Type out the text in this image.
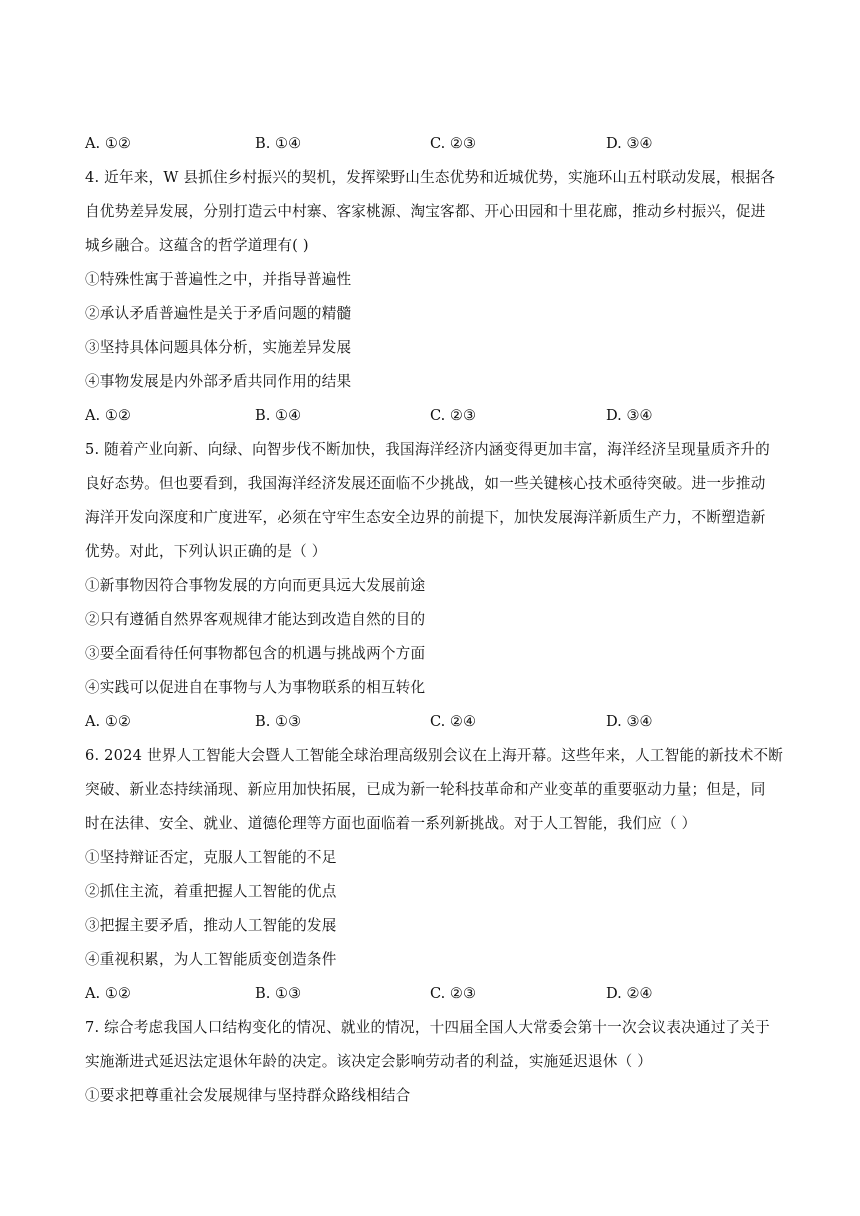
A. ①②	B. ①④	C. ②③	D. ③④
4. 近年来，W 县抓住乡村振兴的契机，发挥梁野山生态优势和近城优势，实施环山五村联动发展，根据各
自优势差异发展，分别打造云中村寨、客家桃源、淘宝客都、开心田园和十里花廊，推动乡村振兴，促进
城乡融合。这蕴含的哲学道理有( )
①特殊性寓于普遍性之中，并指导普遍性
②承认矛盾普遍性是关于矛盾问题的精髓
③坚持具体问题具体分析，实施差异发展
④事物发展是内外部矛盾共同作用的结果
A. ①②	B. ①④	C. ②③	D. ③④
5. 随着产业向新、向绿、向智步伐不断加快，我国海洋经济内涵变得更加丰富，海洋经济呈现量质齐升的
良好态势。但也要看到，我国海洋经济发展还面临不少挑战，如一些关键核心技术亟待突破。进一步推动
海洋开发向深度和广度进军，必须在守牢生态安全边界的前提下，加快发展海洋新质生产力，不断塑造新
优势。对此，下列认识正确的是（ ）
①新事物因符合事物发展的方向而更具远大发展前途
②只有遵循自然界客观规律才能达到改造自然的目的
③要全面看待任何事物都包含的机遇与挑战两个方面
④实践可以促进自在事物与人为事物联系的相互转化
A. ①②	B. ①③	C. ②④	D. ③④
6. 2024 世界人工智能大会暨人工智能全球治理高级别会议在上海开幕。这些年来，人工智能的新技术不断
突破、新业态持续涌现、新应用加快拓展，已成为新一轮科技革命和产业变革的重要驱动力量；但是，同
时在法律、安全、就业、道德伦理等方面也面临着一系列新挑战。对于人工智能，我们应（ ）
①坚持辩证否定，克服人工智能的不足
②抓住主流，着重把握人工智能的优点
③把握主要矛盾，推动人工智能的发展
④重视积累，为人工智能质变创造条件
A. ①②	B. ①③	C. ②③	D. ②④
7. 综合考虑我国人口结构变化的情况、就业的情况，十四届全国人大常委会第十一次会议表决通过了关于
实施渐进式延迟法定退休年龄的决定。该决定会影响劳动者的利益，实施延迟退休（ ）
①要求把尊重社会发展规律与坚持群众路线相结合
